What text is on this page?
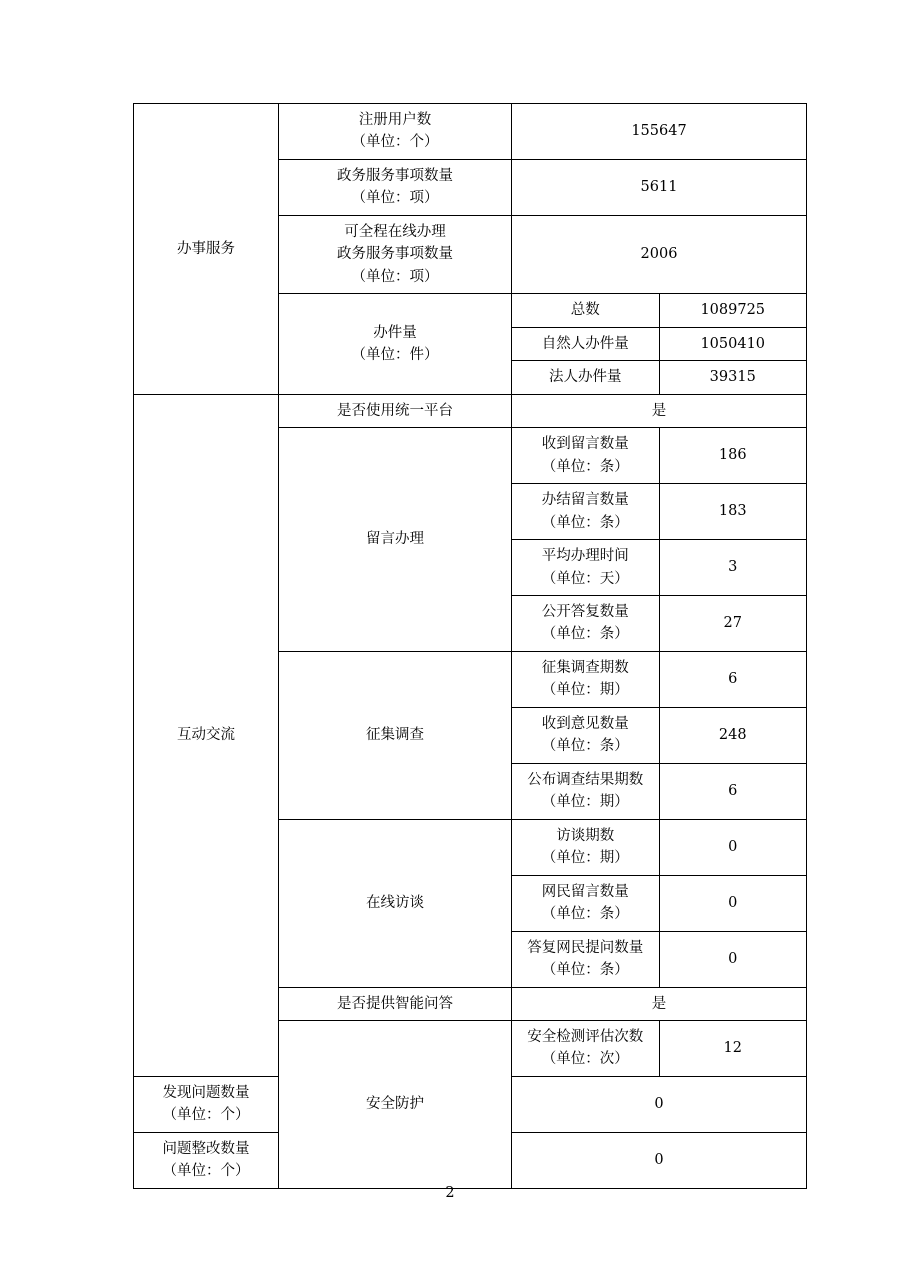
办事服务	注册用户数
（单位：个）	155647	

	政务服务事项数量
（单位：项）	5611	

	可全程在线办理
政务服务事项数量
（单位：项）	2006	

	办件量
（单位：件）	总数	1089725
		自然人办件量	1050410
		法人办件量	39315
互动交流	是否使用统一平台	是	
	留言办理	收到留言数量
（单位：条）	186

		办结留言数量
（单位：条）	183

		平均办理时间
（单位：天）	3

		公开答复数量
（单位：条）	27
	征集调查	征集调查期数
（单位：期）	6

		收到意见数量
（单位：条）	248

		公布调查结果期数
（单位：期）	6
	在线访谈	访谈期数
（单位：期）	0

		网民留言数量
（单位：条）	0

		答复网民提问数量
（单位：条）	0
	是否提供智能问答	是	
	安全防护	安全检测评估次数
（单位：次）	12

发现问题数量
（单位：个）		0	

问题整改数量
（单位：个）		0	
2
